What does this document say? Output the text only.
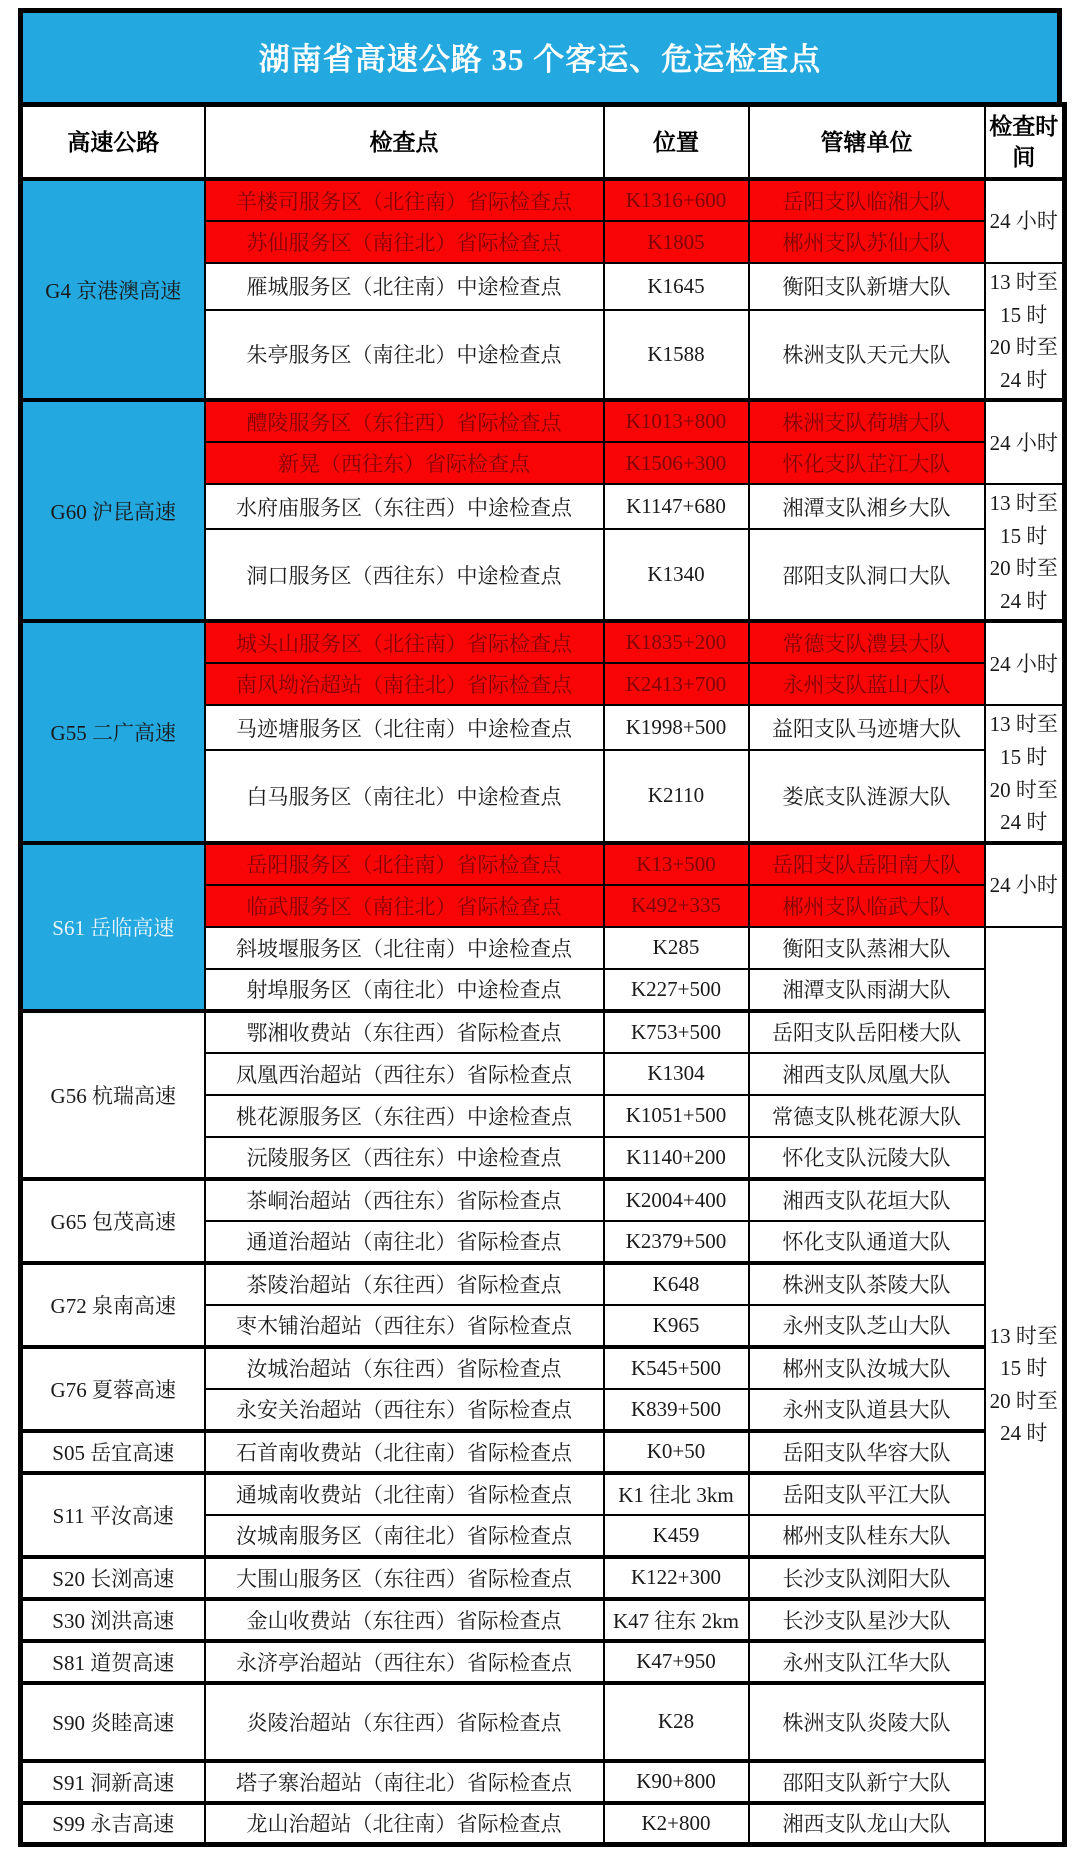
湖南省高速公路 35 个客运、危运检查点
高速公路	检查点	位置	管辖单位	检查时间
G4 京港澳高速	羊楼司服务区（北往南）省际检查点	K1316+600	岳阳支队临湘大队	24 小时

	苏仙服务区（南往北）省际检查点	K1805	郴州支队苏仙大队	
	雁城服务区（北往南）中途检查点	K1645	衡阳支队新塘大队	13 时至
15 时
20 时至
24 时

	朱亭服务区（南往北）中途检查点	K1588	株洲支队天元大队	
G60 沪昆高速	醴陵服务区（东往西）省际检查点	K1013+800	株洲支队荷塘大队	24 小时

	新晃（西往东）省际检查点	K1506+300	怀化支队芷江大队	
	水府庙服务区（东往西）中途检查点	K1147+680	湘潭支队湘乡大队	13 时至
15 时
20 时至
24 时

	洞口服务区（西往东）中途检查点	K1340	邵阳支队洞口大队	
G55 二广高速	城头山服务区（北往南）省际检查点	K1835+200	常德支队澧县大队	24 小时

	南风坳治超站（南往北）省际检查点	K2413+700	永州支队蓝山大队	
	马迹塘服务区（北往南）中途检查点	K1998+500	益阳支队马迹塘大队	13 时至
15 时
20 时至
24 时

	白马服务区（南往北）中途检查点	K2110	娄底支队涟源大队	
S61 岳临高速	岳阳服务区（北往南）省际检查点	K13+500	岳阳支队岳阳南大队	24 小时

	临武服务区（南往北）省际检查点	K492+335	郴州支队临武大队	
	斜坡堰服务区（北往南）中途检查点	K285	衡阳支队蒸湘大队	13 时至
15 时
20 时至
24 时

	射埠服务区（南往北）中途检查点	K227+500	湘潭支队雨湖大队	
G56 杭瑞高速	鄂湘收费站（东往西）省际检查点	K753+500	岳阳支队岳阳楼大队	
	凤凰西治超站（西往东）省际检查点	K1304	湘西支队凤凰大队	
	桃花源服务区（东往西）中途检查点	K1051+500	常德支队桃花源大队	
	沅陵服务区（西往东）中途检查点	K1140+200	怀化支队沅陵大队	
G65 包茂高速	茶峒治超站（西往东）省际检查点	K2004+400	湘西支队花垣大队	
	通道治超站（南往北）省际检查点	K2379+500	怀化支队通道大队	
G72 泉南高速	茶陵治超站（东往西）省际检查点	K648	株洲支队茶陵大队	
	枣木铺治超站（西往东）省际检查点	K965	永州支队芝山大队	
G76 夏蓉高速	汝城治超站（东往西）省际检查点	K545+500	郴州支队汝城大队	
	永安关治超站（西往东）省际检查点	K839+500	永州支队道县大队	
S05 岳宜高速	石首南收费站（北往南）省际检查点	K0+50	岳阳支队华容大队	
S11 平汝高速	通城南收费站（北往南）省际检查点	K1 往北 3km	岳阳支队平江大队	
	汝城南服务区（南往北）省际检查点	K459	郴州支队桂东大队	
S20 长浏高速	大围山服务区（东往西）省际检查点	K122+300	长沙支队浏阳大队	
S30 浏洪高速	金山收费站（东往西）省际检查点	K47 往东 2km	长沙支队星沙大队	
S81 道贺高速	永济亭治超站（西往东）省际检查点	K47+950	永州支队江华大队	
S90 炎睦高速	炎陵治超站（东往西）省际检查点	K28	株洲支队炎陵大队	
S91 洞新高速	塔子寨治超站（南往北）省际检查点	K90+800	邵阳支队新宁大队	
S99 永吉高速	龙山治超站（北往南）省际检查点	K2+800	湘西支队龙山大队	
